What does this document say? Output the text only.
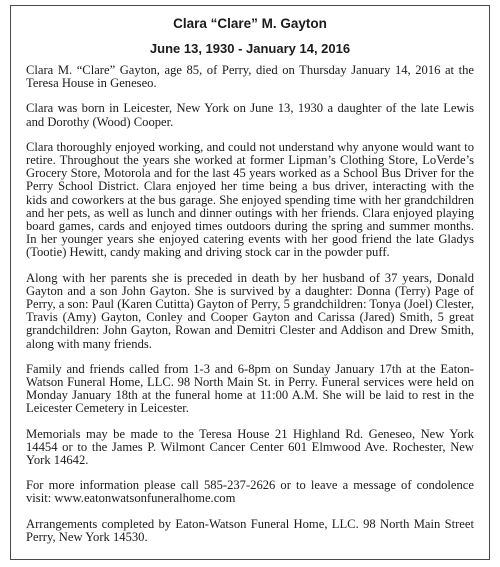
Clara “Clare” M. Gayton
June 13, 1930 - January 14, 2016

Clara M. “Clare” Gayton, age 85, of Perry, died on Thursday January 14, 2016 at the Teresa House in Geneseo.

Clara was born in Leicester, New York on June 13, 1930 a daughter of the late Lewis and Dorothy (Wood) Cooper.

Clara thoroughly enjoyed working, and could not understand why anyone would want to retire. Throughout the years she worked at former Lipman’s Clothing Store, LoVerde’s Grocery Store, Motorola and for the last 45 years worked as a School Bus Driver for the Perry School District. Clara enjoyed her time being a bus driver, interacting with the kids and coworkers at the bus garage. She enjoyed spending time with her grandchildren and her pets, as well as lunch and dinner outings with her friends. Clara enjoyed playing board games, cards and enjoyed times outdoors during the spring and summer months. In her younger years she enjoyed catering events with her good friend the late Gladys (Tootie) Hewitt, candy making and driving stock car in the powder puff.

Along with her parents she is preceded in death by her husband of 37 years, Donald Gayton and a son John Gayton. She is survived by a daughter: Donna (Terry) Page of Perry, a son: Paul (Karen Cutitta) Gayton of Perry, 5 grandchildren: Tonya (Joel) Clester, Travis (Amy) Gayton, Conley and Cooper Gayton and Carissa (Jared) Smith, 5 great grandchildren: John Gayton, Rowan and Demitri Clester and Addison and Drew Smith, along with many friends.

Family and friends called from 1-3 and 6-8pm on Sunday January 17th at the Eaton-Watson Funeral Home, LLC. 98 North Main St. in Perry. Funeral services were held on Monday January 18th at the funeral home at 11:00 A.M. She will be laid to rest in the Leicester Cemetery in Leicester.

Memorials may be made to the Teresa House 21 Highland Rd. Geneseo, New York 14454 or to the James P. Wilmont Cancer Center 601 Elmwood Ave. Rochester, New York 14642.

For more information please call 585-237-2626 or to leave a message of condolence visit: www.eatonwatsonfuneralhome.com

Arrangements completed by Eaton-Watson Funeral Home, LLC. 98 North Main Street Perry, New York 14530.
